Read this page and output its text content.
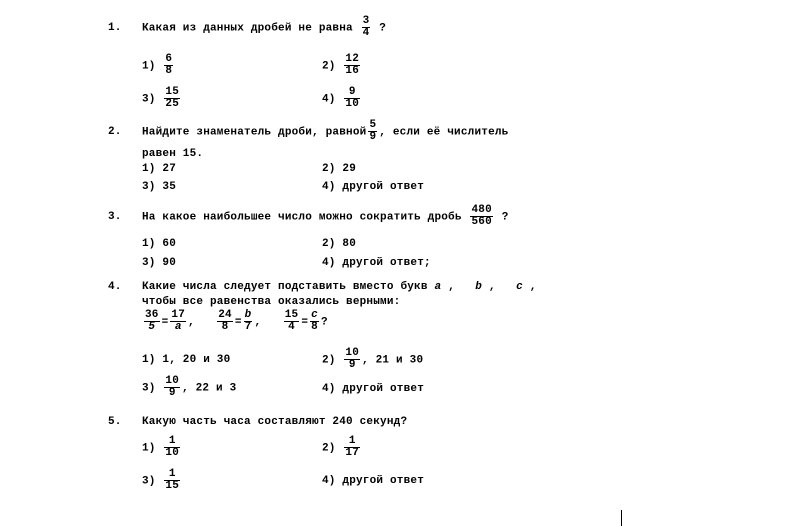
1. Какая из данных дробей не равна $\frac{3}{4}$ ?
$1) \frac{6}{8}$	$2) \frac{12}{16}$
$3) \frac{15}{25}$	$4) \frac{9}{10}$
2. Найдите знаменатель дроби, равной $\frac{5}{9}$ , если её числитель
равен 15.
1) 27	2) 29
3) 35	4) другой ответ
3. На какое наибольшее число можно сократить дробь $\frac{480}{560}$ ?
1) 60	2) 80
3) 90	4) другой ответ;
4. Какие числа следует подставить вместо букв a ,   b ,   c ,
чтобы все равенства оказались верными:
$\frac{36}{5} = \frac{17}{a}$ , $\frac{24}{8} = \frac{b}{7}$ , $\frac{15}{4} = \frac{c}{8}$ ?
1) 1, 20 и 30	$2) \frac{10}{9}$ , 21 и 30
$3) \frac{10}{9}$ , 22 и 3	4) другой ответ
5. Какую часть часа составляют 240 секунд?
$1) \frac{1}{10}$	$2) \frac{1}{17}$
$3) \frac{1}{15}$	4) другой ответ
